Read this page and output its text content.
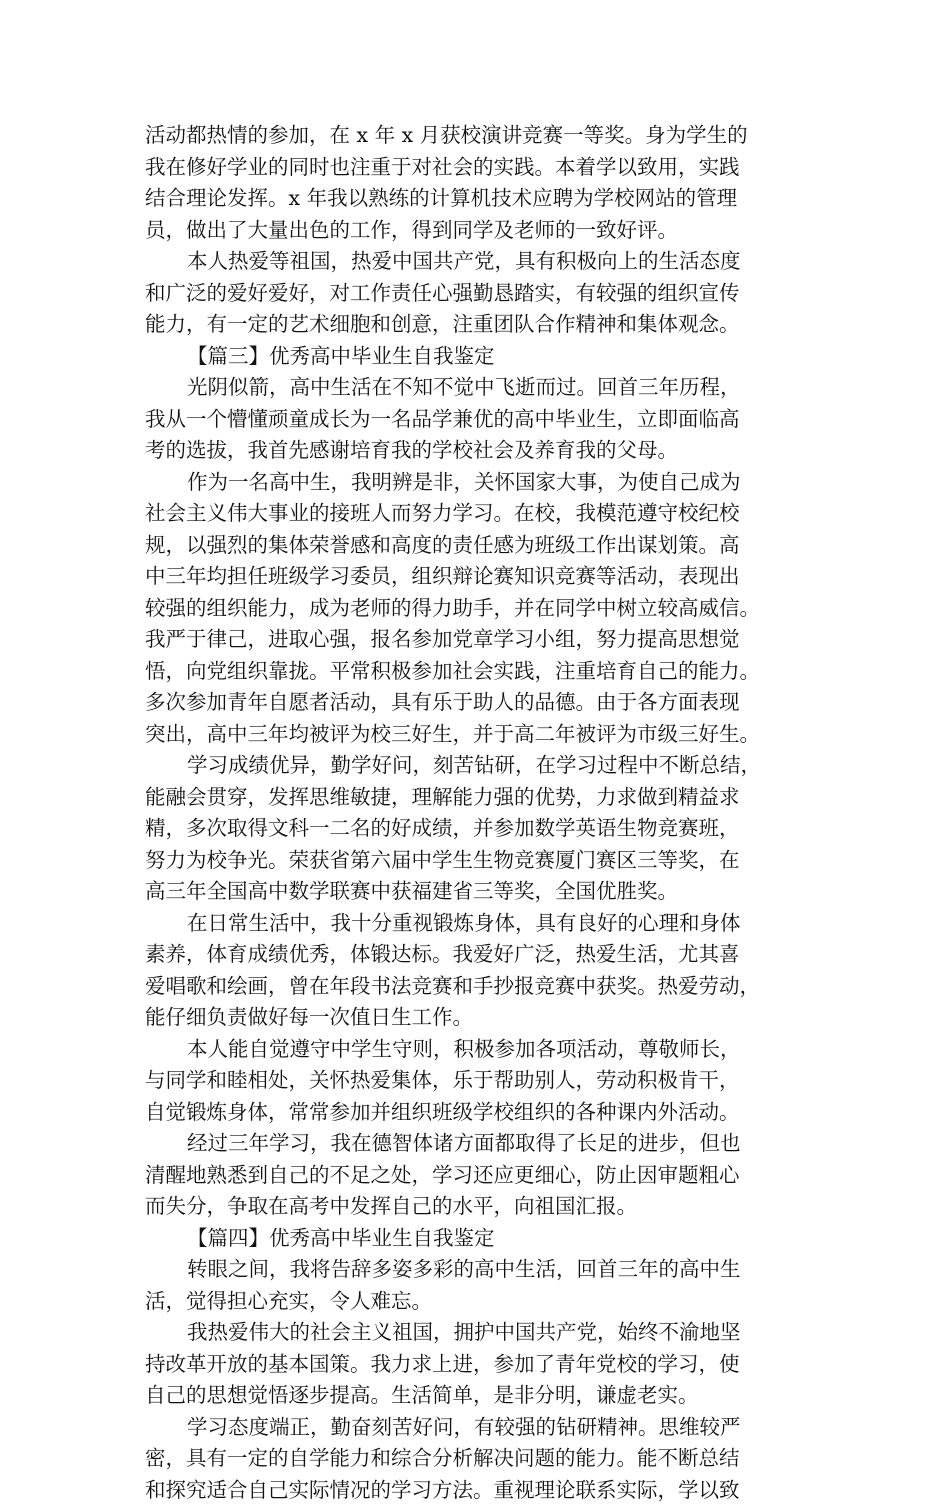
活动都热情的参加，在 x 年 x 月获校演讲竞赛一等奖。身为学生的
我在修好学业的同时也注重于对社会的实践。本着学以致用，实践
结合理论发挥。x 年我以熟练的计算机技术应聘为学校网站的管理
员，做出了大量出色的工作，得到同学及老师的一致好评。
本人热爱等祖国，热爱中国共产党，具有积极向上的生活态度
和广泛的爱好爱好，对工作责任心强勤恳踏实，有较强的组织宣传
能力，有一定的艺术细胞和创意，注重团队合作精神和集体观念。
【篇三】优秀高中毕业生自我鉴定
光阴似箭，高中生活在不知不觉中飞逝而过。回首三年历程，
我从一个懵懂顽童成长为一名品学兼优的高中毕业生，立即面临高
考的选拔，我首先感谢培育我的学校社会及养育我的父母。
作为一名高中生，我明辨是非，关怀国家大事，为使自己成为
社会主义伟大事业的接班人而努力学习。在校，我模范遵守校纪校
规，以强烈的集体荣誉感和高度的责任感为班级工作出谋划策。高
中三年均担任班级学习委员，组织辩论赛知识竞赛等活动，表现出
较强的组织能力，成为老师的得力助手，并在同学中树立较高威信。
我严于律己，进取心强，报名参加党章学习小组，努力提高思想觉
悟，向党组织靠拢。平常积极参加社会实践，注重培育自己的能力。
多次参加青年自愿者活动，具有乐于助人的品德。由于各方面表现
突出，高中三年均被评为校三好生，并于高二年被评为市级三好生。
学习成绩优异，勤学好问，刻苦钻研，在学习过程中不断总结，
能融会贯穿，发挥思维敏捷，理解能力强的优势，力求做到精益求
精，多次取得文科一二名的好成绩，并参加数学英语生物竞赛班，
努力为校争光。荣获省第六届中学生生物竞赛厦门赛区三等奖，在
高三年全国高中数学联赛中获福建省三等奖，全国优胜奖。
在日常生活中，我十分重视锻炼身体，具有良好的心理和身体
素养，体育成绩优秀，体锻达标。我爱好广泛，热爱生活，尤其喜
爱唱歌和绘画，曾在年段书法竞赛和手抄报竞赛中获奖。热爱劳动，
能仔细负责做好每一次值日生工作。
本人能自觉遵守中学生守则，积极参加各项活动，尊敬师长，
与同学和睦相处，关怀热爱集体，乐于帮助别人，劳动积极肯干，
自觉锻炼身体，常常参加并组织班级学校组织的各种课内外活动。
经过三年学习，我在德智体诸方面都取得了长足的进步，但也
清醒地熟悉到自己的不足之处，学习还应更细心，防止因审题粗心
而失分，争取在高考中发挥自己的水平，向祖国汇报。
【篇四】优秀高中毕业生自我鉴定
转眼之间，我将告辞多姿多彩的高中生活，回首三年的高中生
活，觉得担心充实，令人难忘。
我热爱伟大的社会主义祖国，拥护中国共产党，始终不渝地坚
持改革开放的基本国策。我力求上进，参加了青年党校的学习，使
自己的思想觉悟逐步提高。生活简单，是非分明，谦虚老实。
学习态度端正，勤奋刻苦好问，有较强的钻研精神。思维较严
密，具有一定的自学能力和综合分析解决问题的能力。能不断总结
和探究适合自己实际情况的学习方法。重视理论联系实际，学以致
